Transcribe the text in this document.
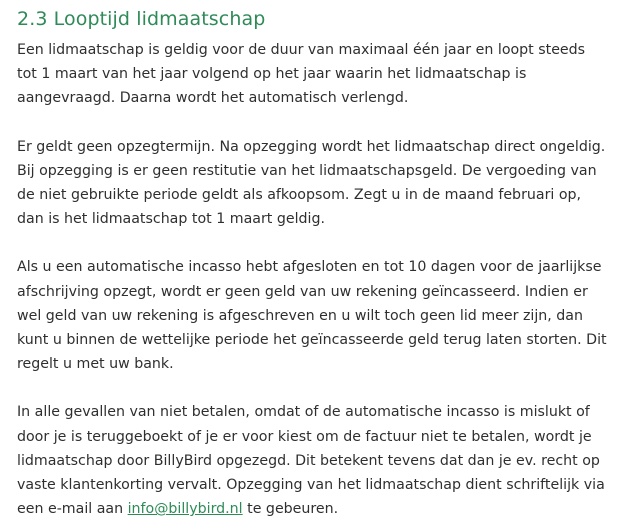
2.3 Looptijd lidmaatschap

Een lidmaatschap is geldig voor de duur van maximaal één jaar en loopt steeds tot 1 maart van het jaar volgend op het jaar waarin het lidmaatschap is aangevraagd. Daarna wordt het automatisch verlengd.

Er geldt geen opzegtermijn. Na opzegging wordt het lidmaatschap direct ongeldig. Bij opzegging is er geen restitutie van het lidmaatschapsgeld. De vergoeding van de niet gebruikte periode geldt als afkoopsom. Zegt u in de maand februari op, dan is het lidmaatschap tot 1 maart geldig.

Als u een automatische incasso hebt afgesloten en tot 10 dagen voor de jaarlijkse afschrijving opzegt, wordt er geen geld van uw rekening geïncasseerd. Indien er wel geld van uw rekening is afgeschreven en u wilt toch geen lid meer zijn, dan kunt u binnen de wettelijke periode het geïncasseerde geld terug laten storten. Dit regelt u met uw bank.

In alle gevallen van niet betalen, omdat of de automatische incasso is mislukt of door je is teruggeboekt of je er voor kiest om de factuur niet te betalen, wordt je lidmaatschap door BillyBird opgezegd. Dit betekent tevens dat dan je ev. recht op vaste klantenkorting vervalt. Opzegging van het lidmaatschap dient schriftelijk via een e-mail aan info@billybird.nl te gebeuren.
